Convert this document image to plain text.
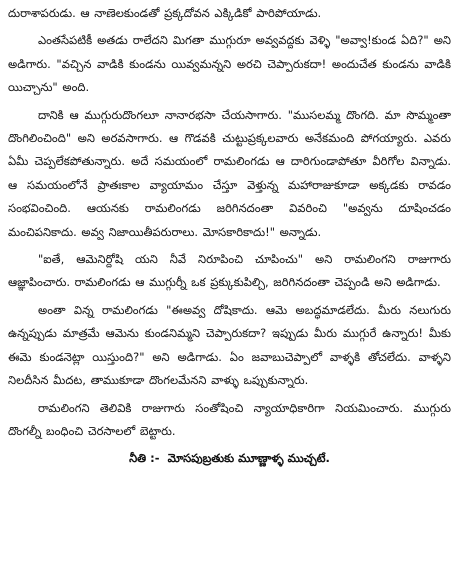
దురాశాపరుడు. ఆ నాణెలకుండతో ప్రక్కదోవన ఎక్కిడికో పారిపోయాడు.

ఎంతసేపటికీ అతడు రాలేదని మిగతా ముగ్గురూ అవ్వవద్దకు వెళ్ళి "అవ్వా!కుండ ఏది?" అని అడిగారు. "వచ్చిన వాడికి కుండను యివ్వమన్నని అరచి చెప్పారుకదా! అందుచేత కుండను వాడికి యిచ్చాను" అంది.

దానికి ఆ ముగ్గురుదొంగలూ నానారభసా చేయసాగారు. "ముసలమ్మ దొంగది. మా సొమ్మంతా దొంగిలించింది" అని అరవసాగారు. ఆ గొడవకి చుట్టుప్రక్కలవారు అనేకమంది పోగయ్యారు. ఎవరు ఏమీ చెప్పలేకపోతున్నారు. అదే సమయంలో రామలింగడు ఆ దారిగుండాపోతూ వీరిగోల విన్నాడు. ఆ సమయంలోనే ప్రాతఃకాల వ్యాయామం చేస్తూ వెళ్తున్న మహారాజుకూడా అక్కడకు రావడం సంభవించింది. ఆయనకు రామలింగడు జరిగినదంతా వివరించి "అవ్వను దూషించడం మంచిపనికాదు. అవ్వ నిజాయితీపరురాలు. మోసకారికాదు!" అన్నాడు.

"ఐతే, ఆమెనిర్దోషి యని నీవే నిరూపించి చూపించు" అని రామలింగని రాజుగారు ఆజ్ఞాపించారు. రామలింగడు ఆ ముగ్గుర్నీ ఒక ప్రక్కుకుపిల్చి, జరిగినదంతా చెప్పండి అని అడిగాడు.

అంతా విన్న రామలింగడు "ఈఅవ్వ దోషికాదు. ఆమె అబద్ధమాడలేదు. మీరు నలుగురు ఉన్నప్పుడు మాత్రమే ఆమెను కుండనిమ్మని చెప్పారుకదా? ఇప్పుడు మీరు ముగ్గురే ఉన్నారు! మీకు ఈమె కుండనెట్లా యిస్తుంది?" అని అడిగాడు. ఏం జవాబుచెప్పాలో వాళ్ళకి తోచలేదు. వాళ్ళని నిలదీసిన మీదట, తాముకూడా దొంగలమేనని వాళ్ళు ఒప్పుకున్నారు.

రామలింగని తెలివికి రాజుగారు సంతోషించి న్యాయాధికారిగా నియమించారు. ముగ్గురు దొంగల్నీ బంధించి చెరసాలలో బెట్టారు.

నీతి :- మోసపుబ్రతుకు మూణ్ణాళ్ళ ముచ్చటే.
